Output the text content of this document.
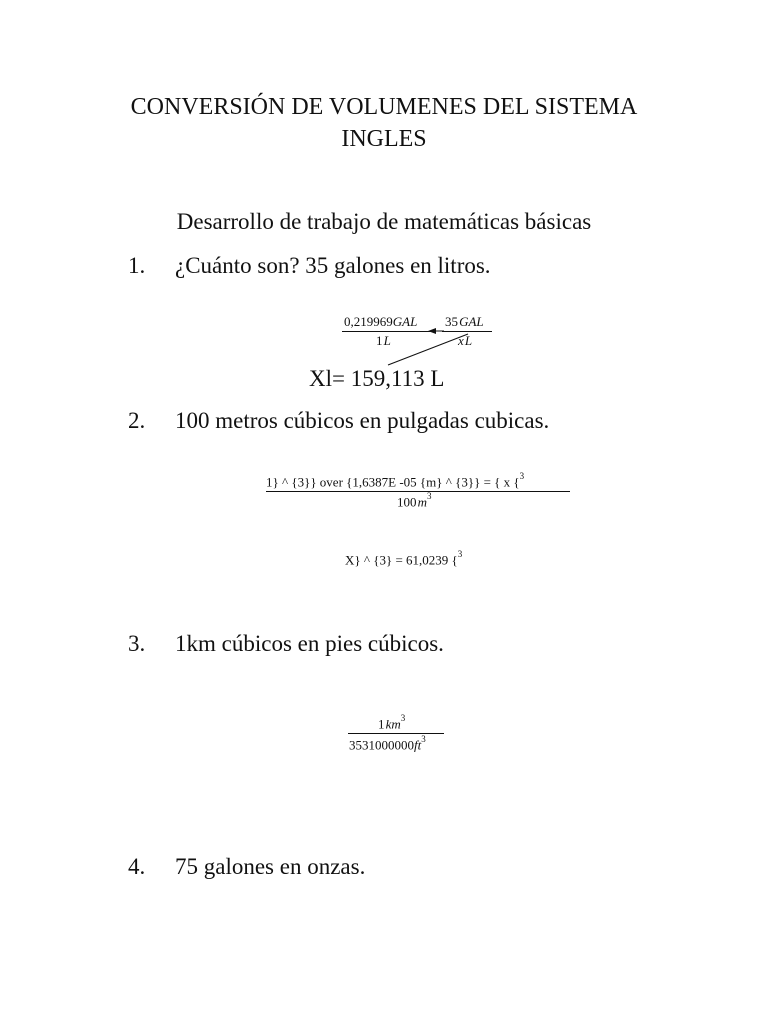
CONVERSIÓN DE VOLUMENES DEL SISTEMA
INGLES
Desarrollo de trabajo de matemáticas básicas
1. ¿Cuánto son? 35 galones en litros.
0,219969GAL
1 L
35 GAL
x L
Xl= 159,113 L
2. 100 metros cúbicos en pulgadas cubicas.
1} ^ {3}} over {1,6387E -05 {m} ^ {3}} = { x {$^3$
100 $m^3$
X} ^ {3} = 61,0239 {$^3$
3. 1km cúbicos en pies cúbicos.
1 $km^3$
$3531000000ft^3$
4. 75 galones en onzas.
